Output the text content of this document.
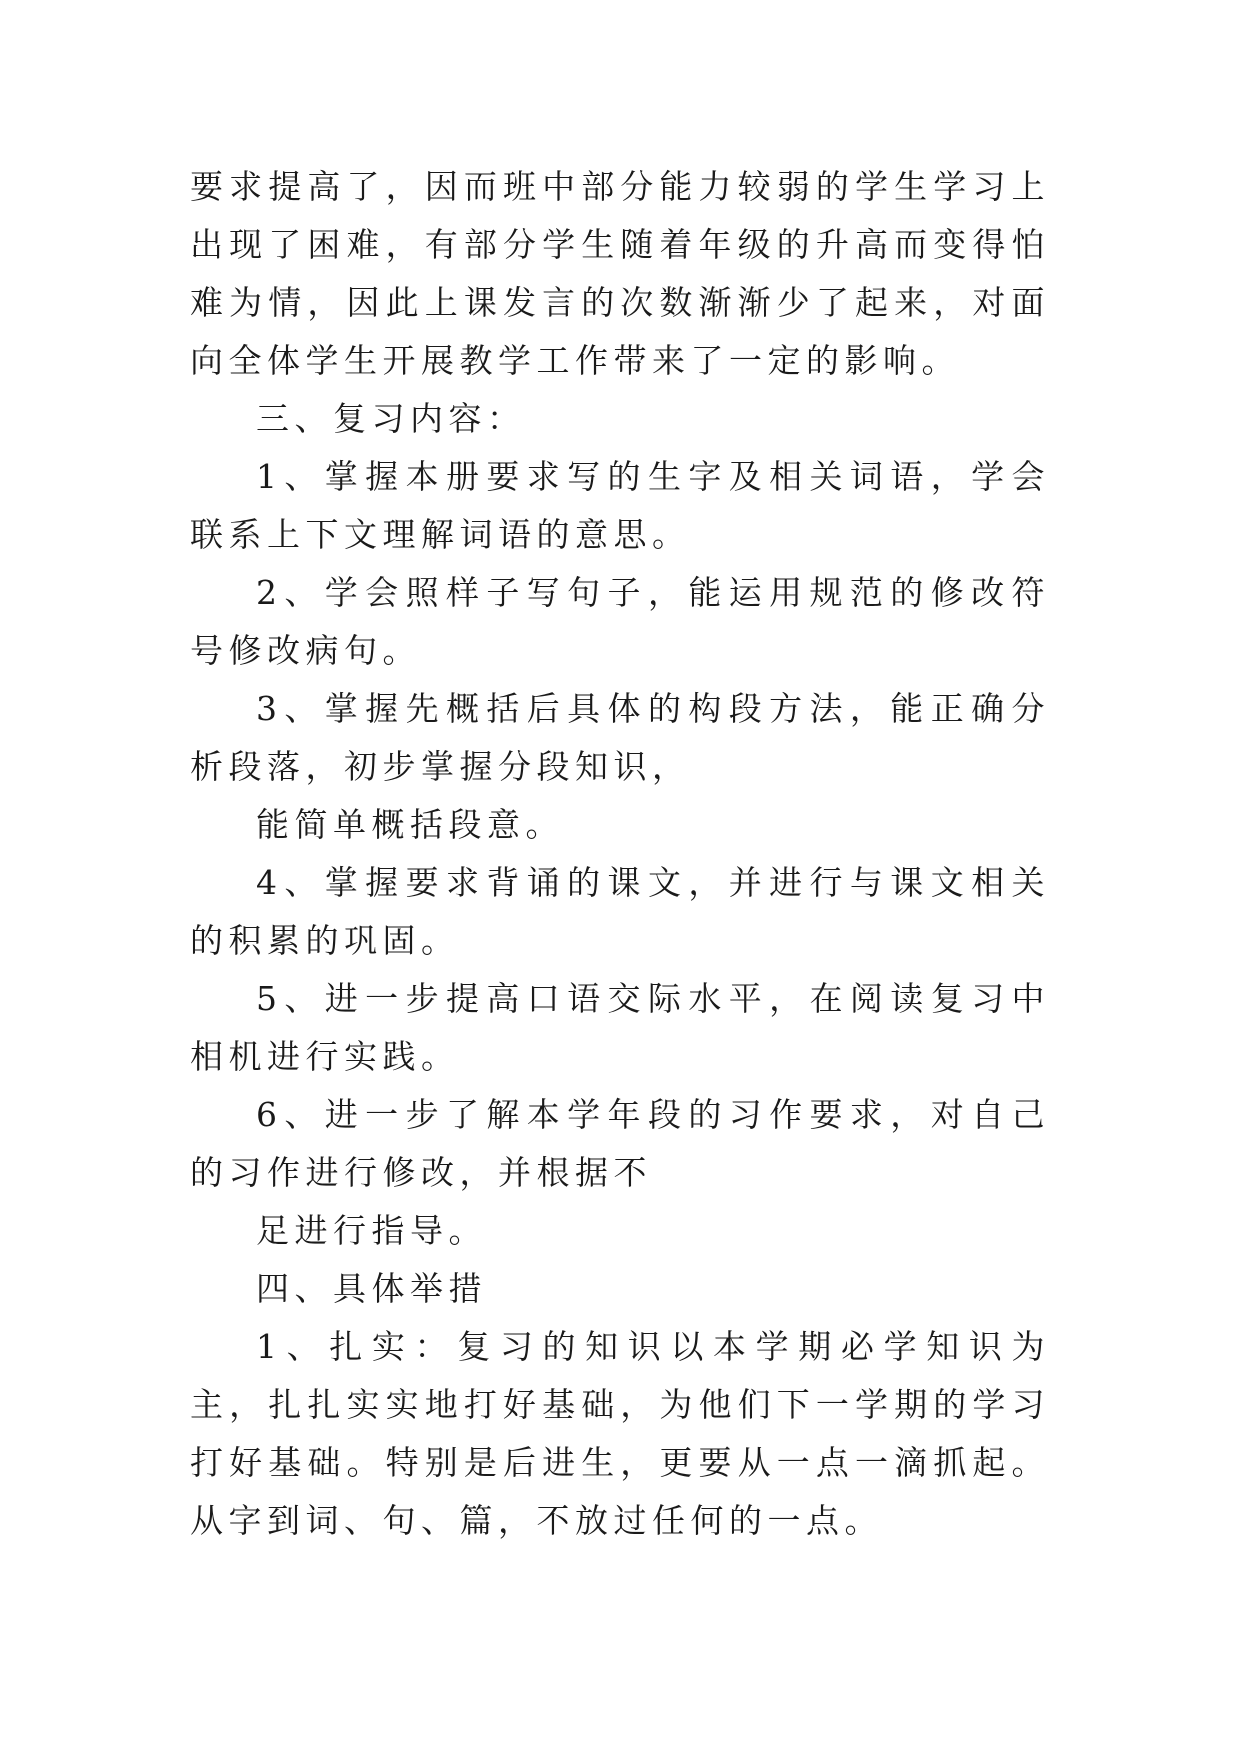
要求提高了，因而班中部分能力较弱的学生学习上出现了困难，有部分学生随着年级的升高而变得怕难为情，因此上课发言的次数渐渐少了起来，对面向全体学生开展教学工作带来了一定的影响。

三、复习内容：

1、掌握本册要求写的生字及相关词语，学会联系上下文理解词语的意思。

2、学会照样子写句子，能运用规范的修改符号修改病句。

3、掌握先概括后具体的构段方法，能正确分析段落，初步掌握分段知识，

能简单概括段意。

4、掌握要求背诵的课文，并进行与课文相关的积累的巩固。

5、进一步提高口语交际水平，在阅读复习中相机进行实践。

6、进一步了解本学年段的习作要求，对自己的习作进行修改，并根据不

足进行指导。

四、具体举措

1、扎实：复习的知识以本学期必学知识为主，扎扎实实地打好基础，为他们下一学期的学习打好基础。特别是后进生，更要从一点一滴抓起。从字到词、句、篇，不放过任何的一点。
